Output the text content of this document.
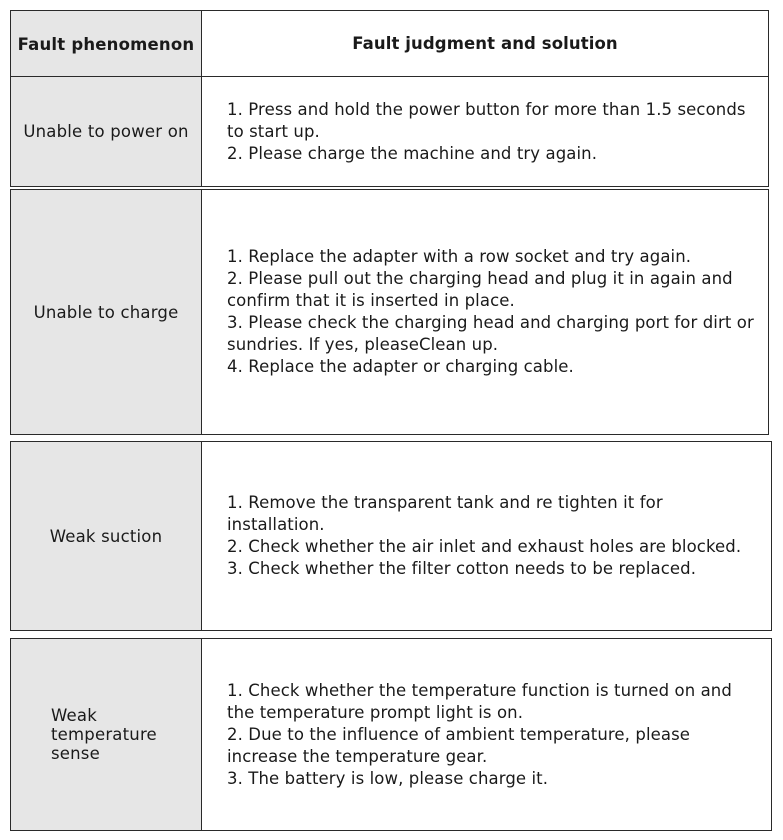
Fault phenomenon	Fault judgment and solution
Unable to power on
1. Press and hold the power button for more than 1.5 seconds to start up.
2. Please charge the machine and try again.
Unable to charge
1. Replace the adapter with a row socket and try again.
2. Please pull out the charging head and plug it in again and confirm that it is inserted in place.
3. Please check the charging head and charging port for dirt or sundries. If yes, pleaseClean up.
4. Replace the adapter or charging cable.
Weak suction
1. Remove the transparent tank and re tighten it for installation.
2. Check whether the air inlet and exhaust holes are blocked.
3. Check whether the filter cotton needs to be replaced.
Weak
temperature
sense
1. Check whether the temperature function is turned on and the temperature prompt light is on.
2. Due to the influence of ambient temperature, please increase the temperature gear.
3. The battery is low, please charge it.
